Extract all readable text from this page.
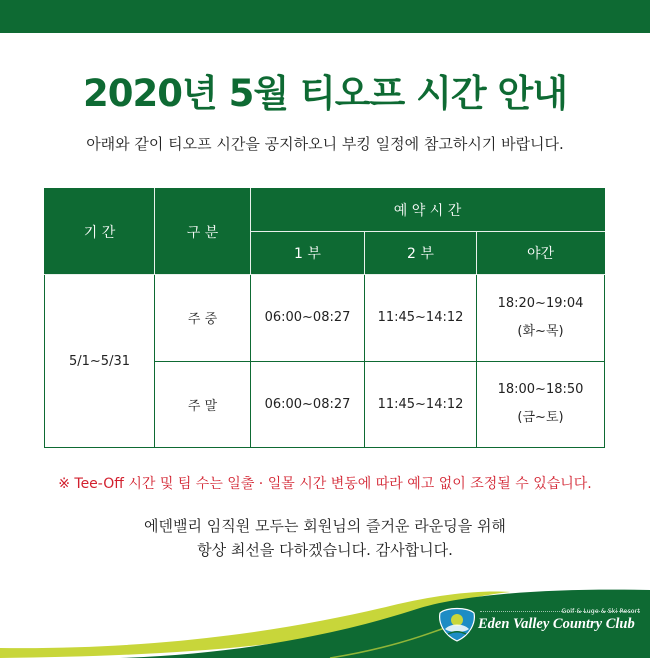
2020년 5월 티오프 시간 안내
아래와 같이 티오프 시간을 공지하오니 부킹 일정에 참고하시기 바랍니다.
기 간	구 분	예 약 시 간		
		1 부	2 부	야간
5/1~5/31	주 중	06:00~08:27	11:45~14:12	18:20~19:04
(화~목)

	주 말	06:00~08:27	11:45~14:12	18:00~18:50
(금~토)
※ Tee-Off 시간 및 팀 수는 일출 · 일몰 시간 변동에 따라 예고 없이 조정될 수 있습니다.
에덴밸리 임직원 모두는 회원님의 즐거운 라운딩을 위해
항상 최선을 다하겠습니다. 감사합니다.
Golf & Luge & Ski Resort
Eden Valley Country Club
